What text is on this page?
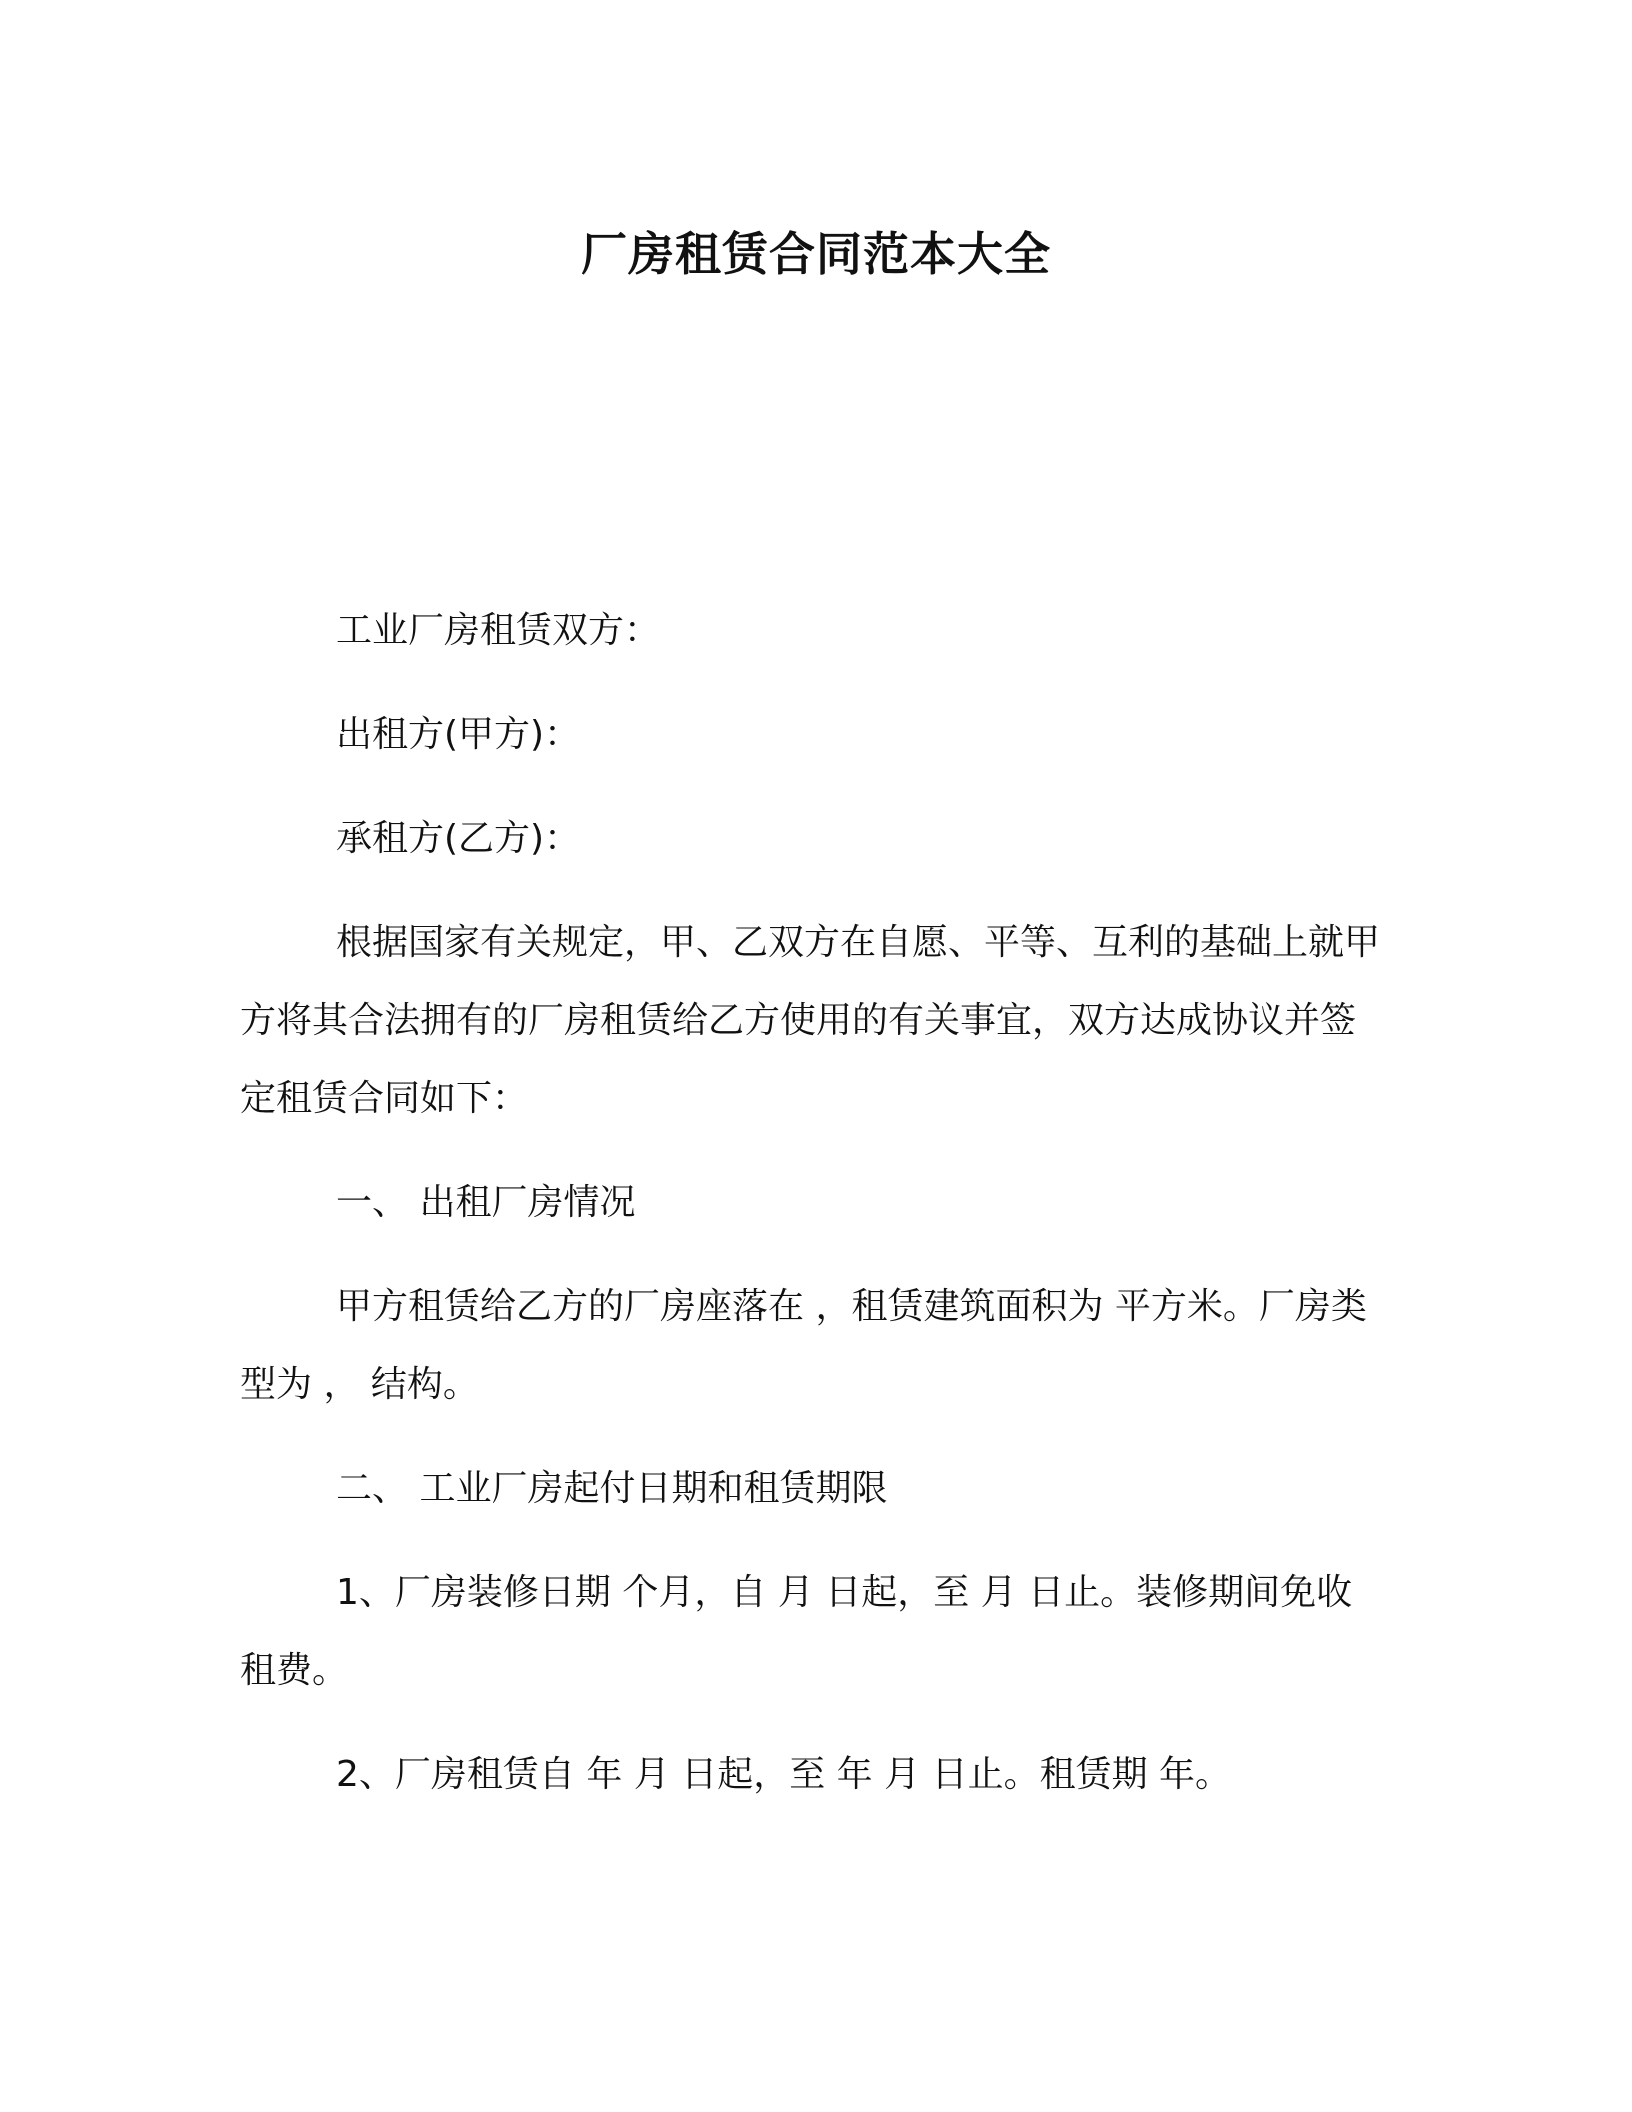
厂房租赁合同范本大全

工业厂房租赁双方：

出租方(甲方)：

承租方(乙方)：

根据国家有关规定，甲、乙双方在自愿、平等、互利的基础上就甲方将其合法拥有的厂房租赁给乙方使用的有关事宜，双方达成协议并签定租赁合同如下：

一、 出租厂房情况

甲方租赁给乙方的厂房座落在 ，租赁建筑面积为 平方米。厂房类型为 ， 结构。

二、 工业厂房起付日期和租赁期限

1、厂房装修日期 个月，自 月 日起，至 月 日止。装修期间免收租费。

2、厂房租赁自 年 月 日起，至 年 月 日止。租赁期 年。
